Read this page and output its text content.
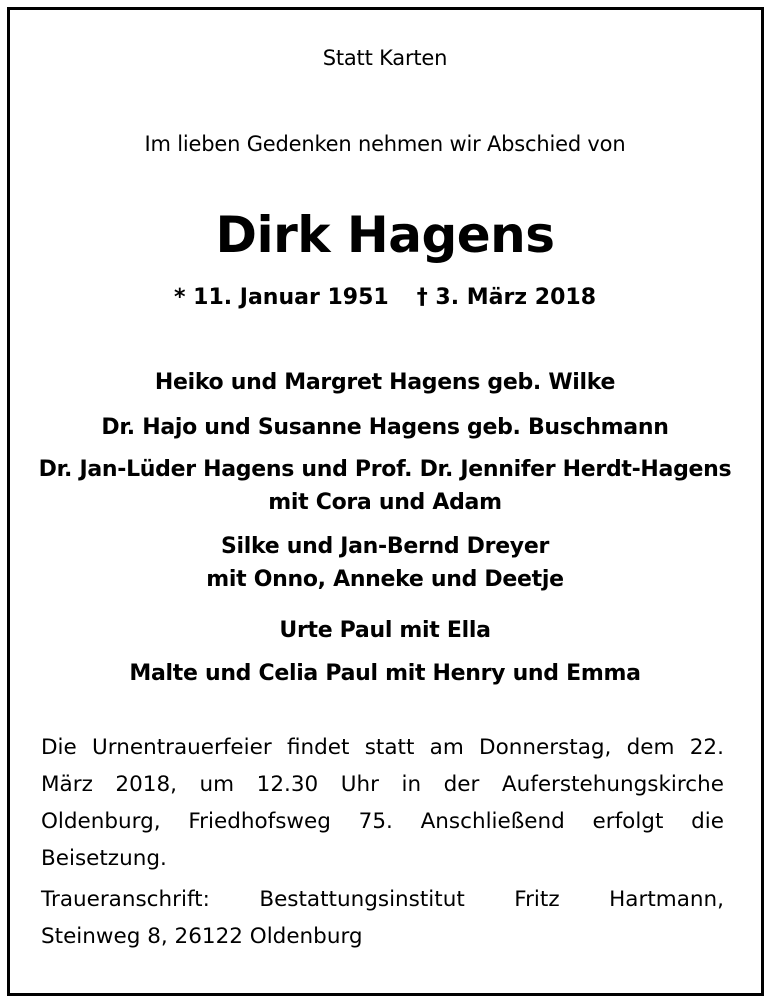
Statt Karten
Im lieben Gedenken nehmen wir Abschied von
Dirk Hagens
* 11. Januar 1951 † 3. März 2018
Heiko und Margret Hagens geb. Wilke
Dr. Hajo und Susanne Hagens geb. Buschmann
Dr. Jan-Lüder Hagens und Prof. Dr. Jennifer Herdt-Hagens
mit Cora und Adam
Silke und Jan-Bernd Dreyer
mit Onno, Anneke und Deetje
Urte Paul mit Ella
Malte und Celia Paul mit Henry und Emma
Die Urnentrauerfeier findet statt am Donnerstag, dem 22.
März 2018, um 12.30 Uhr in der Auferstehungskirche
Oldenburg, Friedhofsweg 75. Anschließend erfolgt die
Beisetzung.
Traueranschrift: Bestattungsinstitut Fritz Hartmann,
Steinweg 8, 26122 Oldenburg
